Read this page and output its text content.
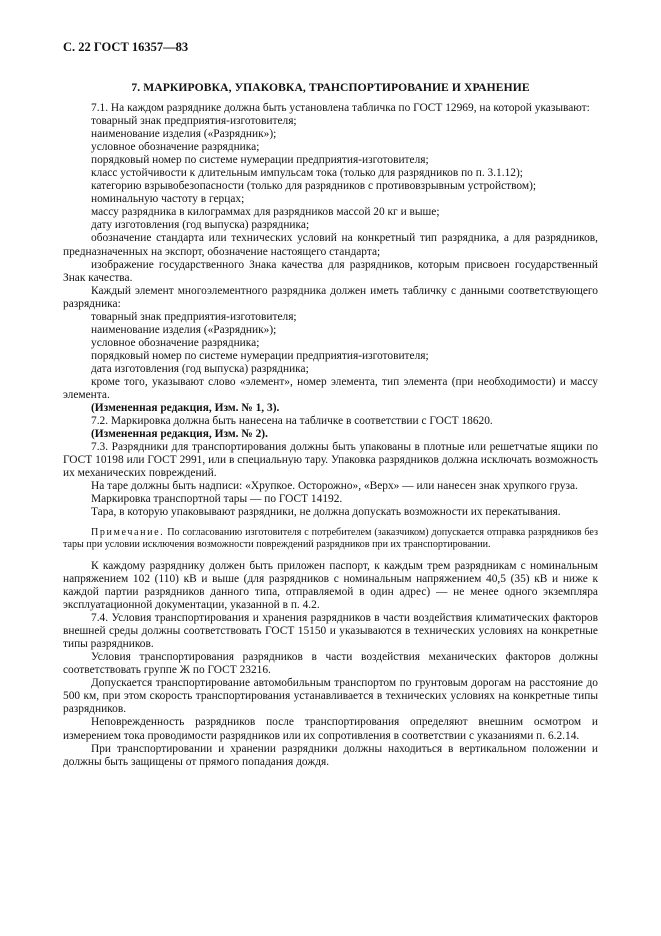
С. 22 ГОСТ 16357—83
7. МАРКИРОВКА, УПАКОВКА, ТРАНСПОРТИРОВАНИЕ И ХРАНЕНИЕ

7.1. На каждом разряднике должна быть установлена табличка по ГОСТ 12969, на которой указывают:

товарный знак предприятия-изготовителя;

наименование изделия («Разрядник»);

условное обозначение разрядника;

порядковый номер по системе нумерации предприятия-изготовителя;

класс устойчивости к длительным импульсам тока (только для разрядников по п. 3.1.12);

категорию взрывобезопасности (только для разрядников с противовзрывным устройством);

номинальную частоту в герцах;

массу разрядника в килограммах для разрядников массой 20 кг и выше;

дату изготовления (год выпуска) разрядника;

обозначение стандарта или технических условий на конкретный тип разрядника, а для разрядников, предназначенных на экспорт, обозначение настоящего стандарта;

изображение государственного Знака качества для разрядников, которым присвоен государственный Знак качества.

Каждый элемент многоэлементного разрядника должен иметь табличку с данными соответствующего разрядника:

товарный знак предприятия-изготовителя;

наименование изделия («Разрядник»);

условное обозначение разрядника;

порядковый номер по системе нумерации предприятия-изготовителя;

дата изготовления (год выпуска) разрядника;

кроме того, указывают слово «элемент», номер элемента, тип элемента (при необходимости) и массу элемента.

(Измененная редакция, Изм. № 1, 3).

7.2. Маркировка должна быть нанесена на табличке в соответствии с ГОСТ 18620.

(Измененная редакция, Изм. № 2).

7.3. Разрядники для транспортирования должны быть упакованы в плотные или решетчатые ящики по ГОСТ 10198 или ГОСТ 2991, или в специальную тару. Упаковка разрядников должна исключать возможность их механических повреждений.

На таре должны быть надписи: «Хрупкое. Осторожно», «Верх» — или нанесен знак хрупкого груза.

Маркировка транспортной тары — по ГОСТ 14192.

Тара, в которую упаковывают разрядники, не должна допускать возможности их перекатывания.

Примечание. По согласованию изготовителя с потребителем (заказчиком) допускается отправка разрядников без тары при условии исключения возможности повреждений разрядников при их транспортировании.

К каждому разряднику должен быть приложен паспорт, к каждым трем разрядникам с номинальным напряжением 102 (110) кВ и выше (для разрядников с номинальным напряжением 40,5 (35) кВ и ниже к каждой партии разрядников данного типа, отправляемой в один адрес) — не менее одного экземпляра эксплуатационной документации, указанной в п. 4.2.

7.4. Условия транспортирования и хранения разрядников в части воздействия климатических факторов внешней среды должны соответствовать ГОСТ 15150 и указываются в технических условиях на конкретные типы разрядников.

Условия транспортирования разрядников в части воздействия механических факторов должны соответствовать группе Ж по ГОСТ 23216.

Допускается транспортирование автомобильным транспортом по грунтовым дорогам на расстояние до 500 км, при этом скорость транспортирования устанавливается в технических условиях на конкретные типы разрядников.

Неповрежденность разрядников после транспортирования определяют внешним осмотром и измерением тока проводимости разрядников или их сопротивления в соответствии с указаниями п. 6.2.14.

При транспортировании и хранении разрядники должны находиться в вертикальном положении и должны быть защищены от прямого попадания дождя.
